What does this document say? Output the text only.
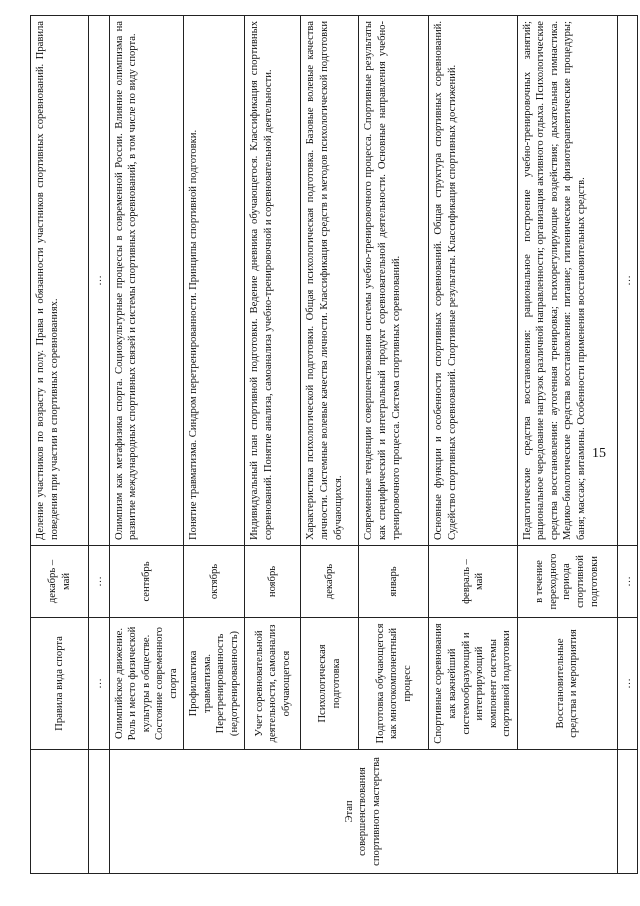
15
	Правила вида спорта	декабрь – май	Деление участников по возрасту и полу. Права и обязанности участников спортивных соревнований. Правила поведения при участии в спортивных соревнованиях.
	…	…	…
Этап совершенствования спортивного мастерства	Олимпийское движение. Роль и место физической культуры в обществе. Состояние современного спорта	сентябрь	Олимпизм как метафизика спорта. Социокультурные процессы в современной России. Влияние олимпизма на развитие международных спортивных связей и системы спортивных соревнований, в том числе по виду спорта.
	Профилактика травматизма. Перетренированность (недотренированность)	октябрь	Понятие травматизма. Синдром перетренированности. Принципы спортивной подготовки.
	Учет соревновательной деятельности, самоанализ обучающегося	ноябрь	Индивидуальный план спортивной подготовки. Ведение дневника обучающегося. Классификация спортивных соревнований. Понятие анализа, самоанализа учебно-тренировочной и соревновательной деятельности.
	Психологическая подготовка	декабрь	Характеристика психологической подготовки. Общая психологическая подготовка. Базовые волевые качества личности. Системные волевые качества личности. Классификация средств и методов психологической подготовки обучающихся.
	Подготовка обучающегося как многокомпонентный процесс	январь	Современные тенденции совершенствования системы учебно-тренировочного процесса. Спортивные результаты как специфический и интегральный продукт соревновательной деятельности. Основные направления учебно-тренировочного процесса. Система спортивных соревнований.
	Спортивные соревнования как важнейший системообразующий и интегрирующий компонент системы спортивной подготовки	февраль – май	Основные функции и особенности спортивных соревнований. Общая структура спортивных соревнований. Судейство спортивных соревнований. Спортивные результаты. Классификация спортивных достижений.
	Восстановительные средства и мероприятия	в течение переходного периода спортивной подготовки	Педагогические средства восстановления: рациональное построение учебно-тренировочных занятий; рациональное чередование нагрузок различной направленности; организация активного отдыха. Психологические средства восстановления: аутогенная тренировка; психорегулирующие воздействия; дыхательная гимнастика. Медико-биологические средства восстановления: питание; гигиенические и физиотерапевтические процедуры; баня; массаж; витамины. Особенности применения восстановительных средств.
	…	…	…
